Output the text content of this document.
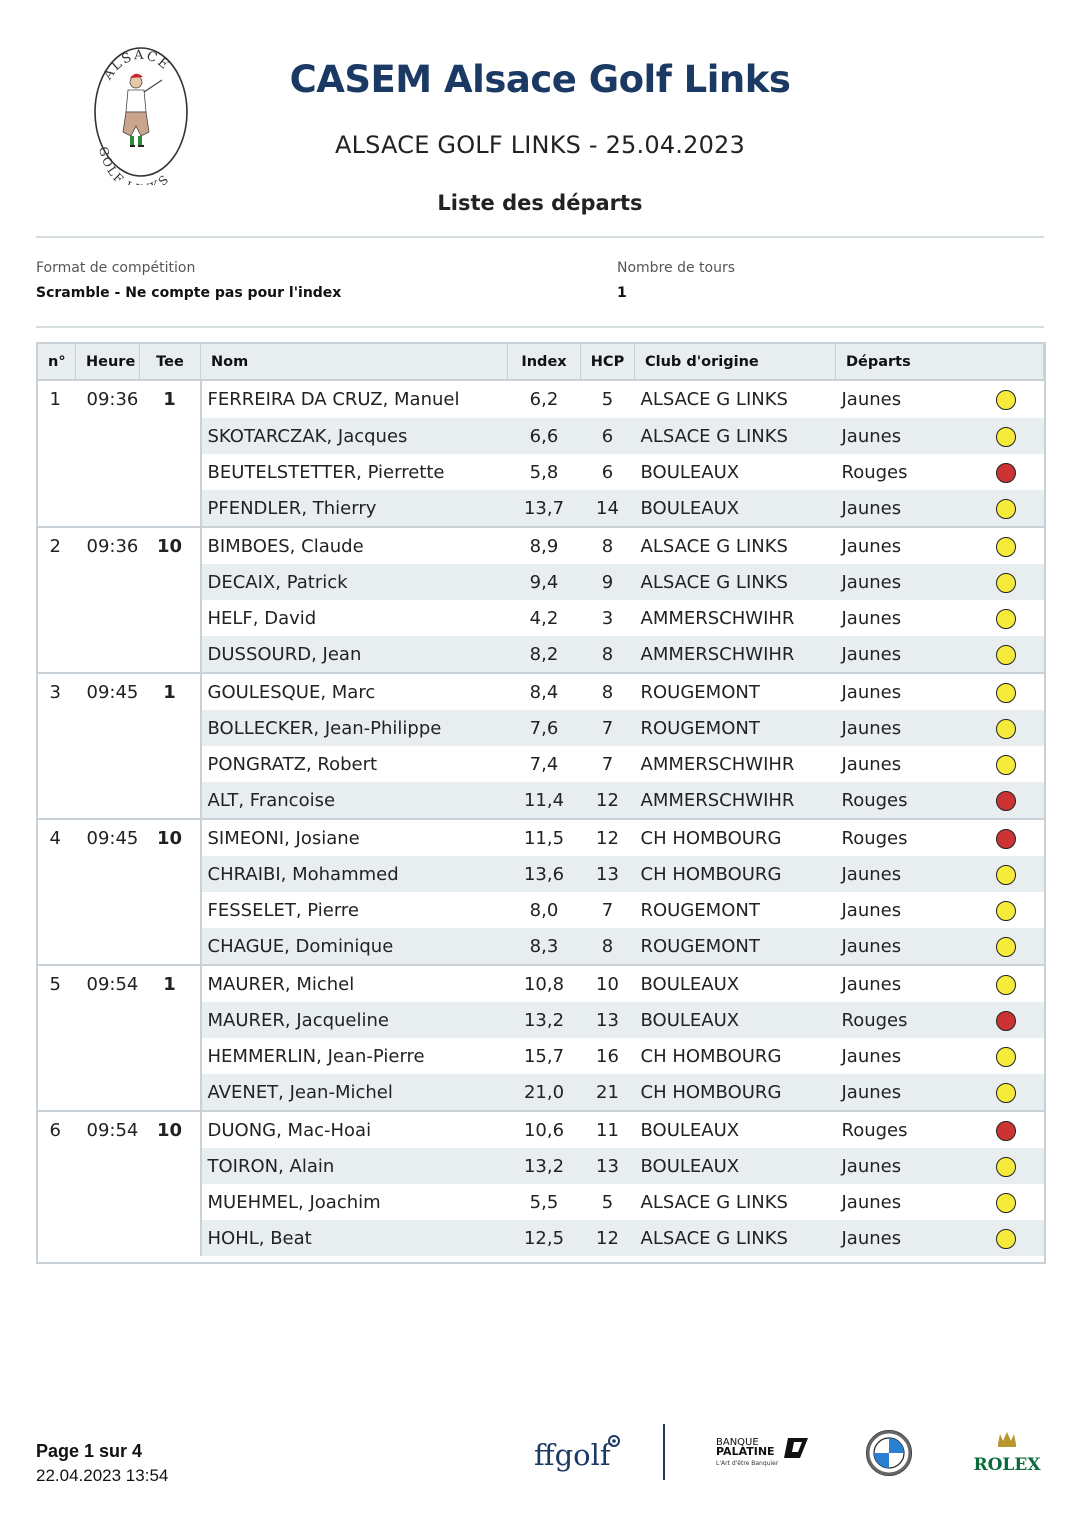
ALSACE
GOLF S
CASEM Alsace Golf Links
ALSACE GOLF LINKS - 25.04.2023
Liste des départs
Format de compétition
Scramble - Ne compte pas pour l'index
Nombre de tours
1
n°	Heure	Tee	Nom	Index	HCP	Club d'origine	Départs	
1	09:36	1	FERREIRA DA CRUZ, Manuel	6,2	5	ALSACE G LINKS	Jaunes	
			SKOTARCZAK, Jacques	6,6	6	ALSACE G LINKS	Jaunes	
			BEUTELSTETTER, Pierrette	5,8	6	BOULEAUX	Rouges	
			PFENDLER, Thierry	13,7	14	BOULEAUX	Jaunes	
2	09:36	10	BIMBOES, Claude	8,9	8	ALSACE G LINKS	Jaunes	
			DECAIX, Patrick	9,4	9	ALSACE G LINKS	Jaunes	
			HELF, David	4,2	3	AMMERSCHWIHR	Jaunes	
			DUSSOURD, Jean	8,2	8	AMMERSCHWIHR	Jaunes	
3	09:45	1	GOULESQUE, Marc	8,4	8	ROUGEMONT	Jaunes	
			BOLLECKER, Jean-Philippe	7,6	7	ROUGEMONT	Jaunes	
			PONGRATZ, Robert	7,4	7	AMMERSCHWIHR	Jaunes	
			ALT, Francoise	11,4	12	AMMERSCHWIHR	Rouges	
4	09:45	10	SIMEONI, Josiane	11,5	12	CH HOMBOURG	Rouges	
			CHRAIBI, Mohammed	13,6	13	CH HOMBOURG	Jaunes	
			FESSELET, Pierre	8,0	7	ROUGEMONT	Jaunes	
			CHAGUE, Dominique	8,3	8	ROUGEMONT	Jaunes	
5	09:54	1	MAURER, Michel	10,8	10	BOULEAUX	Jaunes	
			MAURER, Jacqueline	13,2	13	BOULEAUX	Rouges	
			HEMMERLIN, Jean-Pierre	15,7	16	CH HOMBOURG	Jaunes	
			AVENET, Jean-Michel	21,0	21	CH HOMBOURG	Jaunes	
6	09:54	10	DUONG, Mac-Hoai	10,6	11	BOULEAUX	Rouges	
			TOIRON, Alain	13,2	13	BOULEAUX	Jaunes	
			MUEHMEL, Joachim	5,5	5	ALSACE G LINKS	Jaunes	
			HOHL, Beat	12,5	12	ALSACE G LINKS	Jaunes	
Page 1 sur 4
22.04.2023 13:54
ffgolf	BANQUE
PALATINE
L'Art d'être Banquier	ROLEX
